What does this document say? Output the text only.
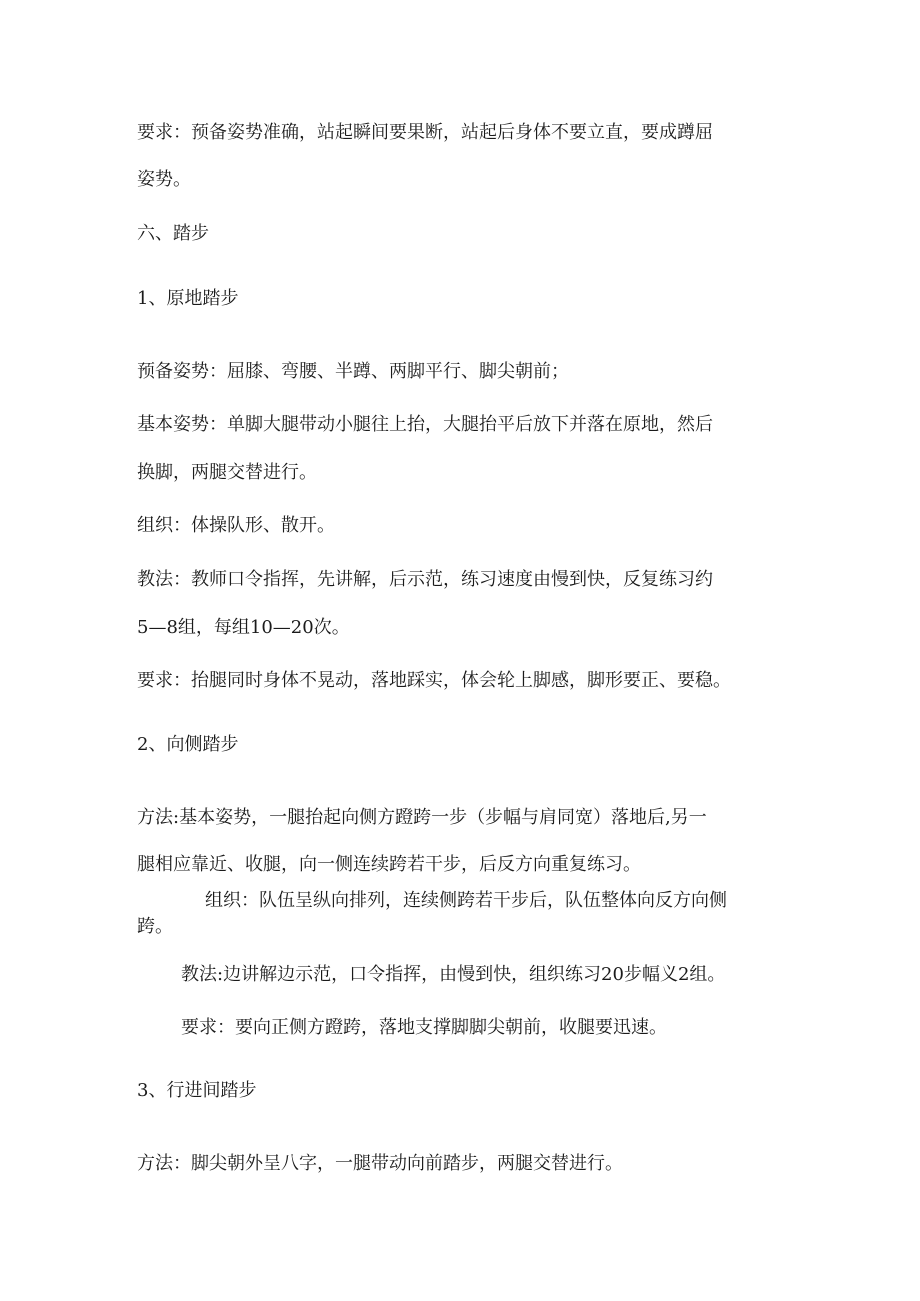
要求：预备姿势准确，站起瞬间要果断，站起后身体不要立直，要成蹲屈

姿势。

六、踏步

1、原地踏步

预备姿势：屈膝、弯腰、半蹲、两脚平行、脚尖朝前；

基本姿势：单脚大腿带动小腿往上抬，大腿抬平后放下并落在原地，然后

换脚，两腿交替进行。

组织：体操队形、散开。

教法：教师口令指挥，先讲解，后示范，练习速度由慢到快，反复练习约

5—8组，每组10—20次。

要求：抬腿同时身体不晃动，落地踩实，体会轮上脚感，脚形要正、要稳。

2、向侧踏步

方法:基本姿势，一腿抬起向侧方蹬跨一步（步幅与肩同宽）落地后,另一

腿相应靠近、收腿，向一侧连续跨若干步，后反方向重复练习。

组织：队伍呈纵向排列，连续侧跨若干步后，队伍整体向反方向侧

跨。

教法:边讲解边示范，口令指挥，由慢到快，组织练习20步幅义2组。

要求：要向正侧方蹬跨，落地支撑脚脚尖朝前，收腿要迅速。

3、行进间踏步

方法：脚尖朝外呈八字，一腿带动向前踏步，两腿交替进行。
